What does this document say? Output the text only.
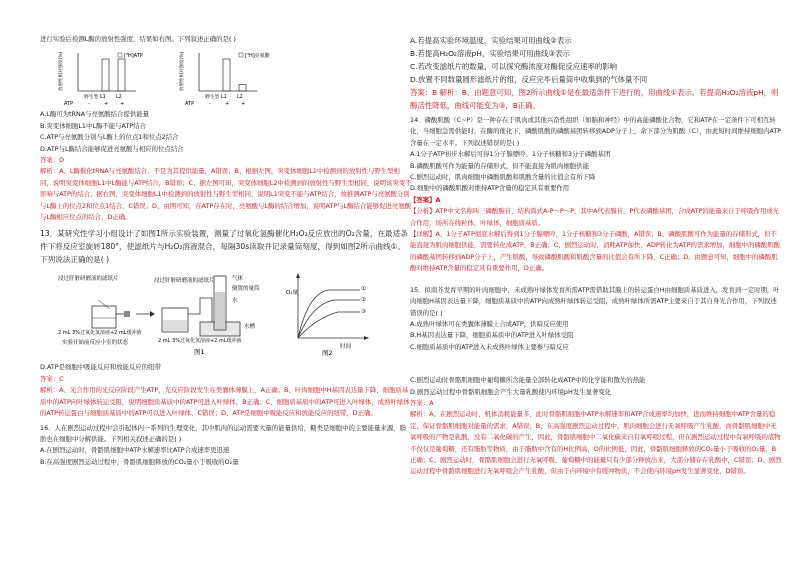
进行实验后检测L酶的放射性强度，结果如右图。下列叙述正确的是( )

放射性相对强度(%)	[³H]ATP
野生型
-
L1
+
L2
+
ATP
放射性相对强度(%)	[³H]亮氨酸
野生型
-
L1
+
L2
+
ATP

A.L酶可为tRNA与亮氨酸结合提供能量

B.突变体细胞L1中L酶不能与ATP结合

C.ATP与亮氨酸分别与L酶上的位点1和位点2结合

D.ATP与L酶结合能够促进亮氨酸与相应的位点结合

答案：D

解析：A、L酶催化tRNA与亮氨酸结合，不是为其提供能量，A错误；B、根据左图，突变体细胞L1中检测到的放射性与野生型相同，说明突变体细胞L1中L酶能与ATP结合，B错误；C、据左图可知，突变体细胞L2中检测到的放射性与野生型相同，说明该突变不影响与ATP的结合，据右图，突变体细胞L1中检测到的放射性与野生型相同，说明L1突变不能与ATP结合，故推测ATP与亮氨酸分别与L酶上的位点2和位点1结合，C错误；D、由图可知，在ATP存在时，亮氨酸与L酶的结合增加，说明ATP与L酶结合能够促进亮氨酸与L酶相应位点的结合，D正确。

13．某研究性学习小组设计了如图1所示实验装置，测量了过氧化氢酶催化H₂O₂反应放出的O₂含量，在最适条件下将反应室旋转180°，使滤纸片与H₂O₂溶液混合，每隔30s读取并记录量筒刻度，得到如图2所示曲线①。下列说法正确的是( )

浸过肝脏研磨液的滤纸片
2 mL 3%过氧化氢溶液+2 mL缓冲液
实验开始前反应小室的状态
气体
倒置的量筒
水
水槽
浸过肝脏研磨液的滤纸片
2 mL 3%过氧化氢溶液+2 mL缓冲液
图1
O₂量
时间
①
②
③
图2

D.ATP是细胞中吸能反应和放能反应的纽带

答案：C

解析：A、光合作用的光反应阶段产生ATP，光反应阶段发生在类囊体薄膜上，A正确；B、叶肉细胞中H基因表达量下降，细胞质基质中的ATP向叶绿体转运受阻，说明细胞质基质中的ATP可进入叶绿体，B正确；C、细胞质基质中的ATP可进入叶绿体，成熟叶绿体的ATP转运蛋白与细胞质基质中的ATP可以进入叶绿体，C错误；D、ATP是细胞中吸能反应和放能反应的纽带，D正确。

16．人在剧烈运动过程中会引起体内一系列的生理变化，其中肌肉的运动需要大量的能量供给，糖类是细胞中的主要能量来源，脂肪也在细胞中分解供能。下列相关叙述正确的是( )

A.在剧烈运动时，骨骼肌细胞中ATP水解速率比ATP合成速率更迅速

B.在高强度剧烈运动过程中，骨骼肌细胞释放的CO₂量小于吸收的O₂量

A.若提高实验环境温度，实验结果可用曲线②表示

B.若提高H₂O₂溶液pH，实验结果可用曲线③表示

C.若改变滤纸片的数量，可以探究酶浓度对酶促反应速率的影响

D.放置不同数量圆形滤纸片的组，反应完毕后量筒中收集到的气体量不同

答案：B 解析：B、由题意可知，图2所示曲线①是在最适条件下进行的，用曲线①表示。若提高H₂O₂溶液pH，则酶活性降低，曲线可能变为③，B正确。

14．磷酸肌酸（C~P）是一种存在于肌肉或其他兴奋性组织（如脑和神经）中的高能磷酸化合物，它和ATP在一定条件下可相互转化，当细胞急需供能时，在酶的催化下，磷酸肌酸的磷酸基团转移到ADP分子上，余下部分为肌酸（C），由此短时间维持细胞内ATP含量在一定水平。下列叙述错误的是( )

A.1分子ATP初步水解后可得1分子腺嘌呤、1分子核糖和3分子磷酸基团

B.磷酸肌酸可作为能量的存储形式，但不能直接为肌肉细胞供能

C.剧烈运动时，肌肉细胞中磷酸肌酸和肌酸含量的比值会有所下降

D.细胞中的磷酸肌酸对维持ATP含量的稳定具有重要作用

【答案】A

【分析】ATP中文名称叫三磷酸腺苷，结构简式A-P～P～P，其中A代表腺苷，P代表磷酸基团，合成ATP的能量来自于呼吸作用或光合作用，场所在线粒体，叶绿体，细胞质基质。

【详解】A、1分子ATP彻底水解后得到1分子腺嘌呤，1分子核糖和3分子磷酸，A错误；B、磷酸肌酸可作为能量的存储形式，但不能直接为肌肉细胞供能，需要转化成ATP，B正确；C、剧烈运动时，消耗ATP加快，ADP转化为ATP的需求增加，细胞中的磷酸肌酸的磷酸基团转移到ADP分子上，产生肌酸，导致磷酸肌酸和肌酸含量的比值会有所下降，C正确；D、由题意可知，细胞中的磷酸肌酸对维持ATP含量的稳定具有重要作用，D正确。

15．拟南芥发育早期的叶肉细胞中，未成熟叶绿体发育所需ATP需借助其膜上的转运蛋白H由细胞质基质进入，发育到一定时期，叶肉细胞H基因表达量下降，细胞质基质中的ATP向成熟叶绿体转运受阻，成熟叶绿体所需ATP主要来自于其自身光合作用，下列叙述错误的是( )

A.成熟叶绿体可在类囊体薄膜上合成ATP，供暗反应使用

B.H基因表达量下降，细胞质基质中的ATP进入叶绿体受阻

C.细胞质基质中的ATP进入未成熟叶绿体主要参与暗反应

C.剧烈运动时骨骼肌细胞中葡萄糖所含能量全部转化成ATP中的化学能和散失的热能

D.剧烈运动过程中骨骼肌细胞会产生大量乳酸使内环境pH发生显著变化

答案：A

解析：A、在剧烈运动时，机体消耗能量多，此时骨骼肌细胞中ATP水解速率和ATP合成速率均加快，进而维持细胞中ATP含量的稳定，保证骨骼肌细胞对能量的需求，A错误；B、在高强度剧烈运动过程中，肌肉细胞会进行无氧呼吸产生乳酸，而骨骼肌细胞中无氧呼吸的产物是乳酸，没有二氧化碳的产生，因此，骨骼肌细胞中二氧化碳来自有氧呼吸过程，但在剧烈运动过程中有氧呼吸的底物不仅仅是葡萄糖，还有脂肪等物质，由于脂肪中含有的H比例高，O的比例低，因此，骨骼肌细胞释放的CO₂量小于吸收的O₂量，B正确；C、剧烈运动时，骨骼肌细胞会进行无氧呼吸，葡萄糖中的能量只有少部分释放出来，大部分储存在乳酸中，C错误；D、剧烈运动过程中骨骼肌细胞进行无氧呼吸会产生乳酸，但由于内环境中有缓冲物质，不会使内环境pH发生显著变化，D错误。
